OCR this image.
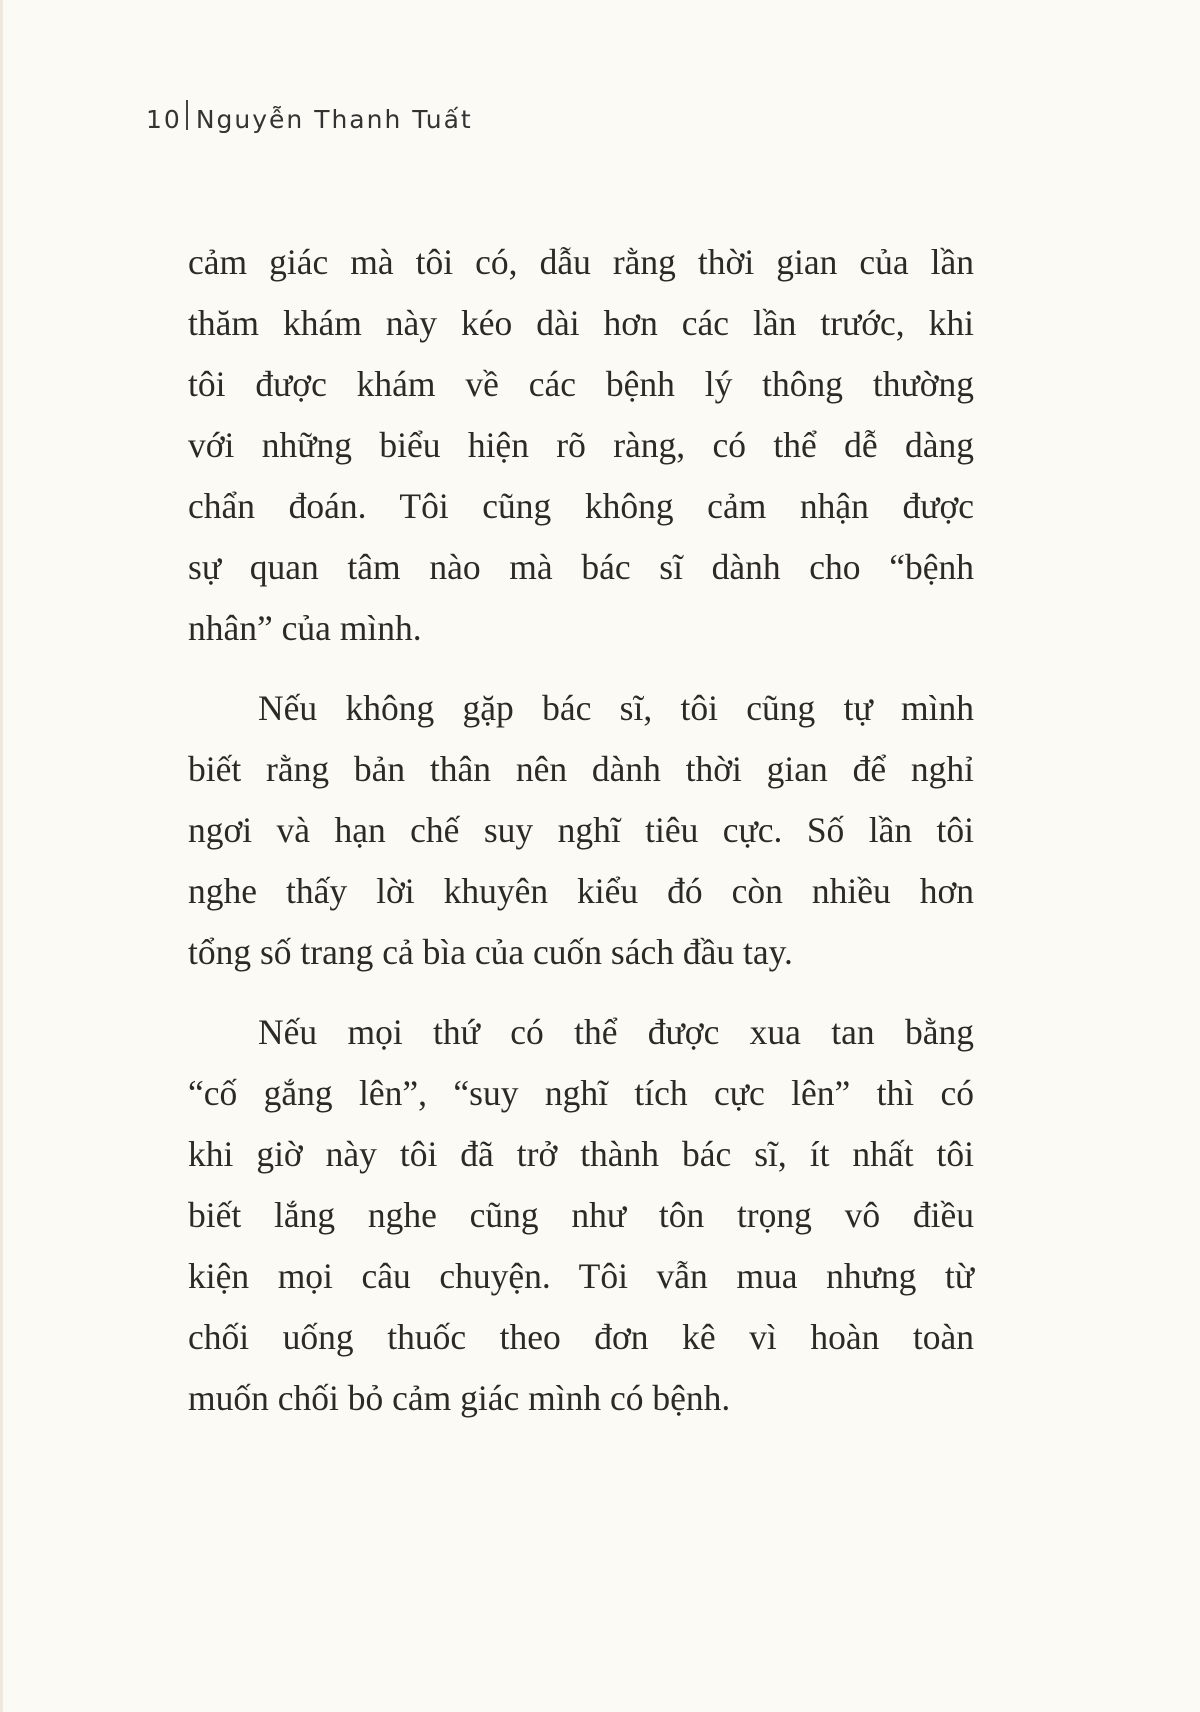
10 Nguyễn Thanh Tuất
cảm giác mà tôi có, dẫu rằng thời gian của lần
thăm khám này kéo dài hơn các lần trước, khi
tôi được khám về các bệnh lý thông thường
với những biểu hiện rõ ràng, có thể dễ dàng
chẩn đoán. Tôi cũng không cảm nhận được
sự quan tâm nào mà bác sĩ dành cho “bệnh
nhân” của mình.
Nếu không gặp bác sĩ, tôi cũng tự mình
biết rằng bản thân nên dành thời gian để nghỉ
ngơi và hạn chế suy nghĩ tiêu cực. Số lần tôi
nghe thấy lời khuyên kiểu đó còn nhiều hơn
tổng số trang cả bìa của cuốn sách đầu tay.
Nếu mọi thứ có thể được xua tan bằng
“cố gắng lên”, “suy nghĩ tích cực lên” thì có
khi giờ này tôi đã trở thành bác sĩ, ít nhất tôi
biết lắng nghe cũng như tôn trọng vô điều
kiện mọi câu chuyện. Tôi vẫn mua nhưng từ
chối uống thuốc theo đơn kê vì hoàn toàn
muốn chối bỏ cảm giác mình có bệnh.
